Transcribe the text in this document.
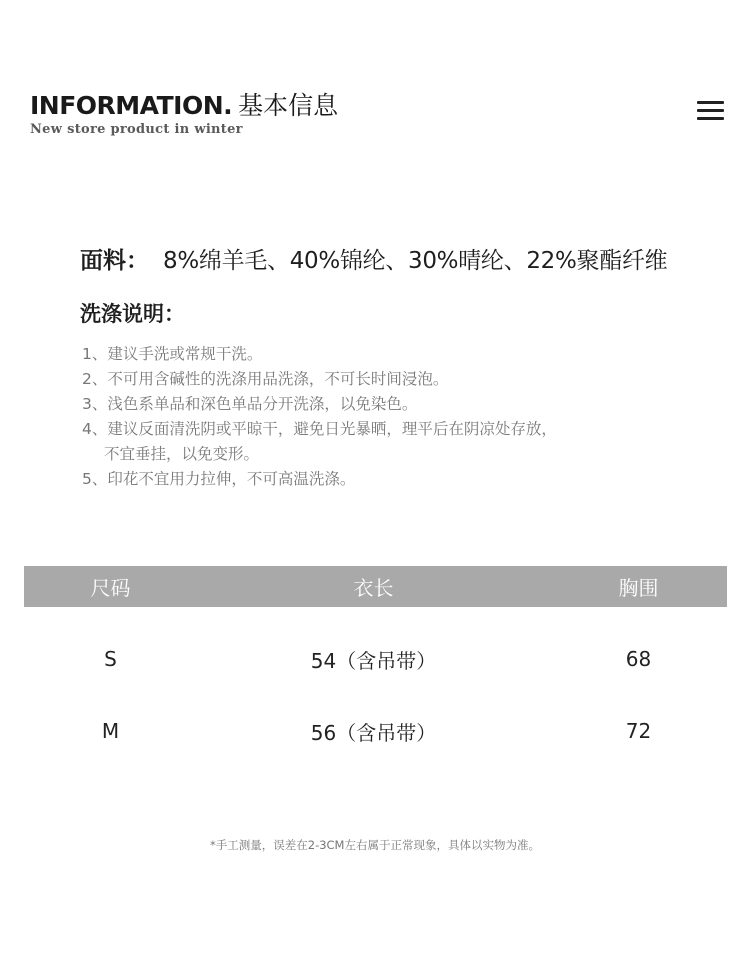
INFORMATION. 基本信息
New store product in winter
面料： 8%绵羊毛、40%锦纶、30%晴纶、22%聚酯纤维
洗涤说明：
1、建议手洗或常规干洗。
2、不可用含碱性的洗涤用品洗涤，不可长时间浸泡。
3、浅色系单品和深色单品分开洗涤，以免染色。
4、建议反面清洗阴或平晾干，避免日光暴晒，理平后在阴凉处存放，
不宜垂挂，以免变形。
5、印花不宜用力拉伸，不可高温洗涤。
尺码	衣长	胸围
S	54（含吊带）	68
M	56（含吊带）	72
*手工测量，误差在2-3CM左右属于正常现象，具体以实物为准。
